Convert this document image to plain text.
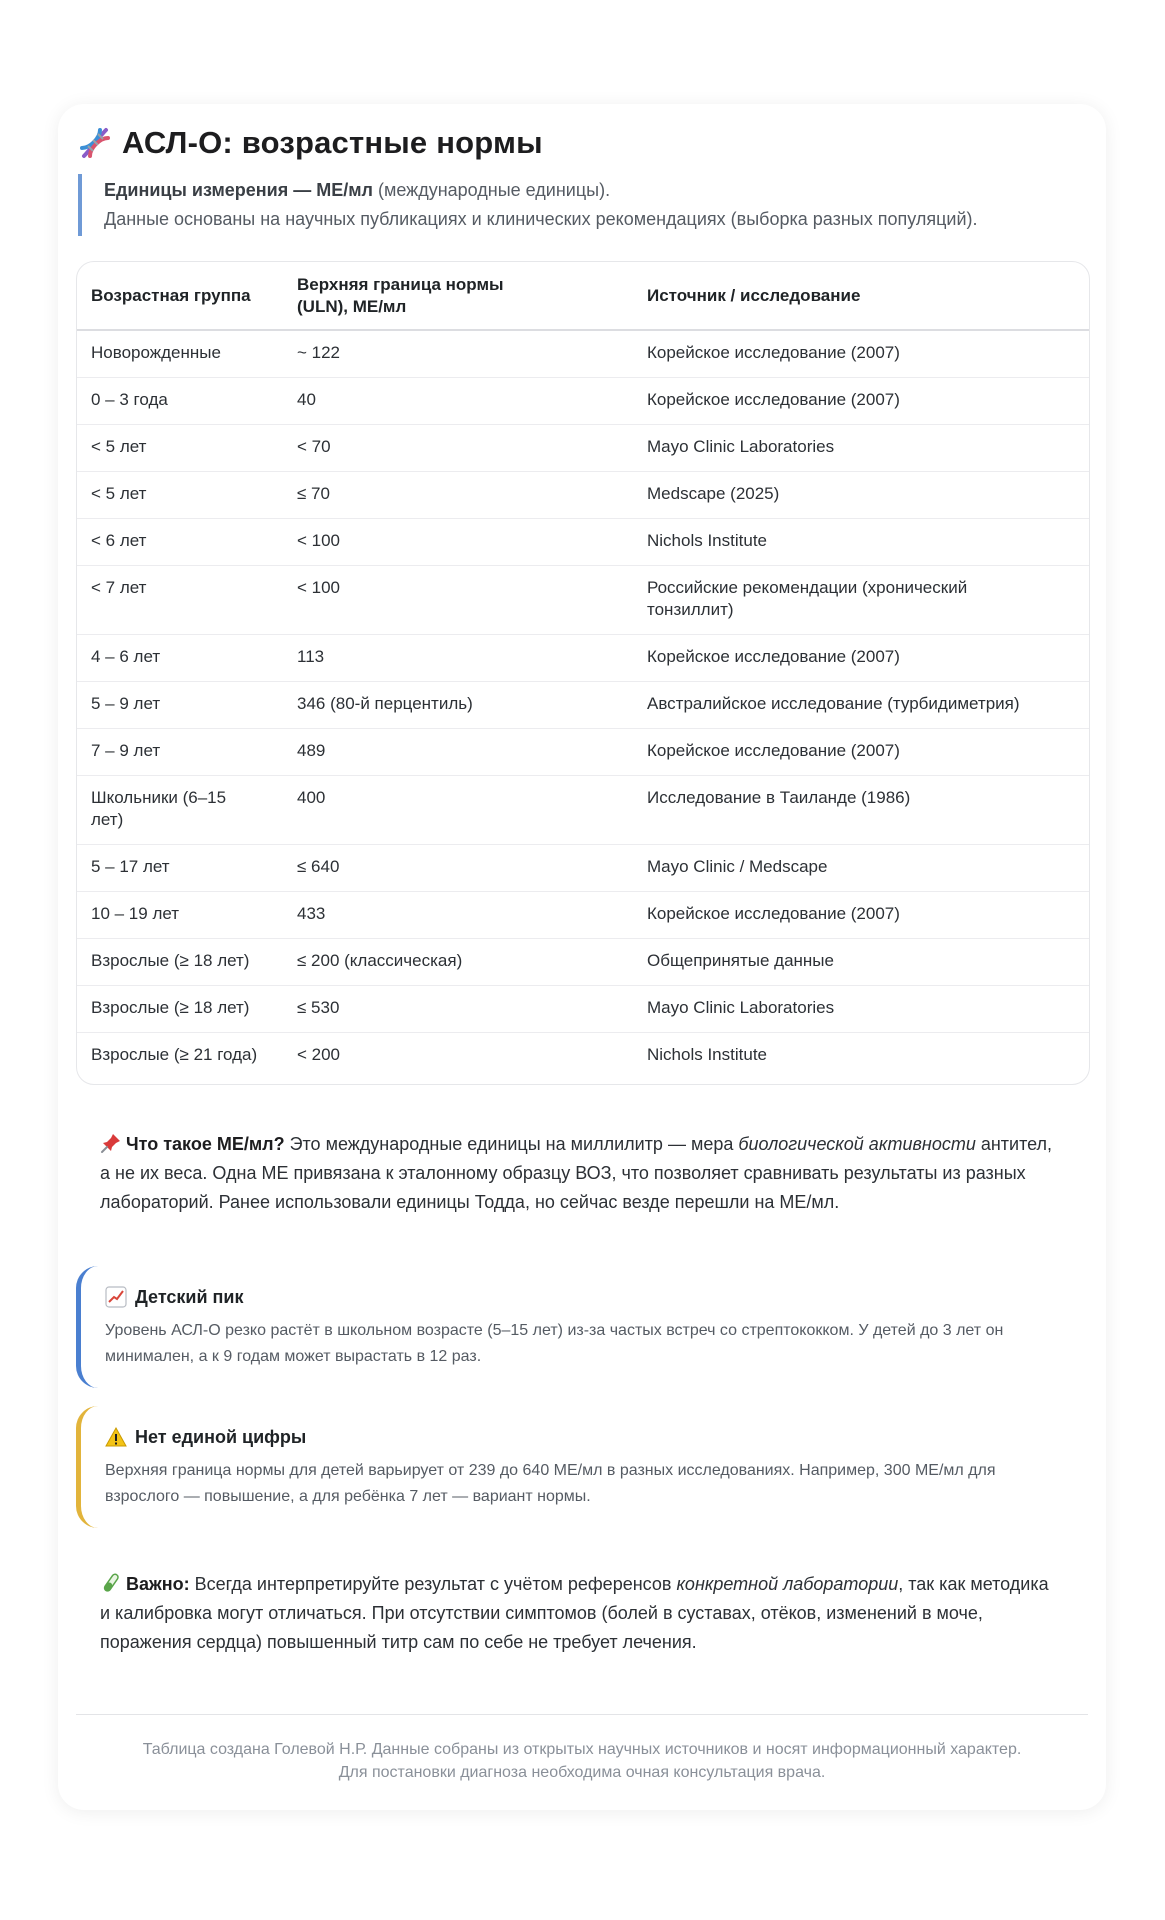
АСЛ-О: возрастные нормы
Единицы измерения — МЕ/мл (международные единицы).
Данные основаны на научных публикациях и клинических рекомендациях (выборка разных популяций).
Возрастная группа	Верхняя граница нормы (ULN), МЕ/мл	Источник / исследование
Новорожденные	~ 122	Корейское исследование (2007)
0 – 3 года	40	Корейское исследование (2007)
< 5 лет	< 70	Mayo Clinic Laboratories
< 5 лет	≤ 70	Medscape (2025)
< 6 лет	< 100	Nichols Institute
< 7 лет	< 100	Российские рекомендации (хронический тонзиллит)

4 – 6 лет	113	Корейское исследование (2007)
5 – 9 лет	346 (80-й перцентиль)	Австралийское исследование (турбидиметрия)
7 – 9 лет	489	Корейское исследование (2007)

Школьники (6–15 лет)	400	Исследование в Таиланде (1986)
5 – 17 лет	≤ 640	Mayo Clinic / Medscape
10 – 19 лет	433	Корейское исследование (2007)
Взрослые (≥ 18 лет)	≤ 200 (классическая)	Общепринятые данные
Взрослые (≥ 18 лет)	≤ 530	Mayo Clinic Laboratories
Взрослые (≥ 21 года)	< 200	Nichols Institute
Что такое МЕ/мл? Это международные единицы на миллилитр — мера биологической активности антител, а не их веса. Одна МЕ привязана к эталонному образцу ВОЗ, что позволяет сравнивать результаты из разных лабораторий. Ранее использовали единицы Тодда, но сейчас везде перешли на МЕ/мл.
Детский пик
Уровень АСЛ-О резко растёт в школьном возрасте (5–15 лет) из-за частых встреч со стрептококком. У детей до 3 лет он минимален, а к 9 годам может вырастать в 12 раз.
Нет единой цифры
Верхняя граница нормы для детей варьирует от 239 до 640 МЕ/мл в разных исследованиях. Например, 300 МЕ/мл для взрослого — повышение, а для ребёнка 7 лет — вариант нормы.
Важно: Всегда интерпретируйте результат с учётом референсов конкретной лаборатории, так как методика и калибровка могут отличаться. При отсутствии симптомов (болей в суставах, отёков, изменений в моче, поражения сердца) повышенный титр сам по себе не требует лечения.
Таблица создана Голевой Н.Р. Данные собраны из открытых научных источников и носят информационный характер.
Для постановки диагноза необходима очная консультация врача.
